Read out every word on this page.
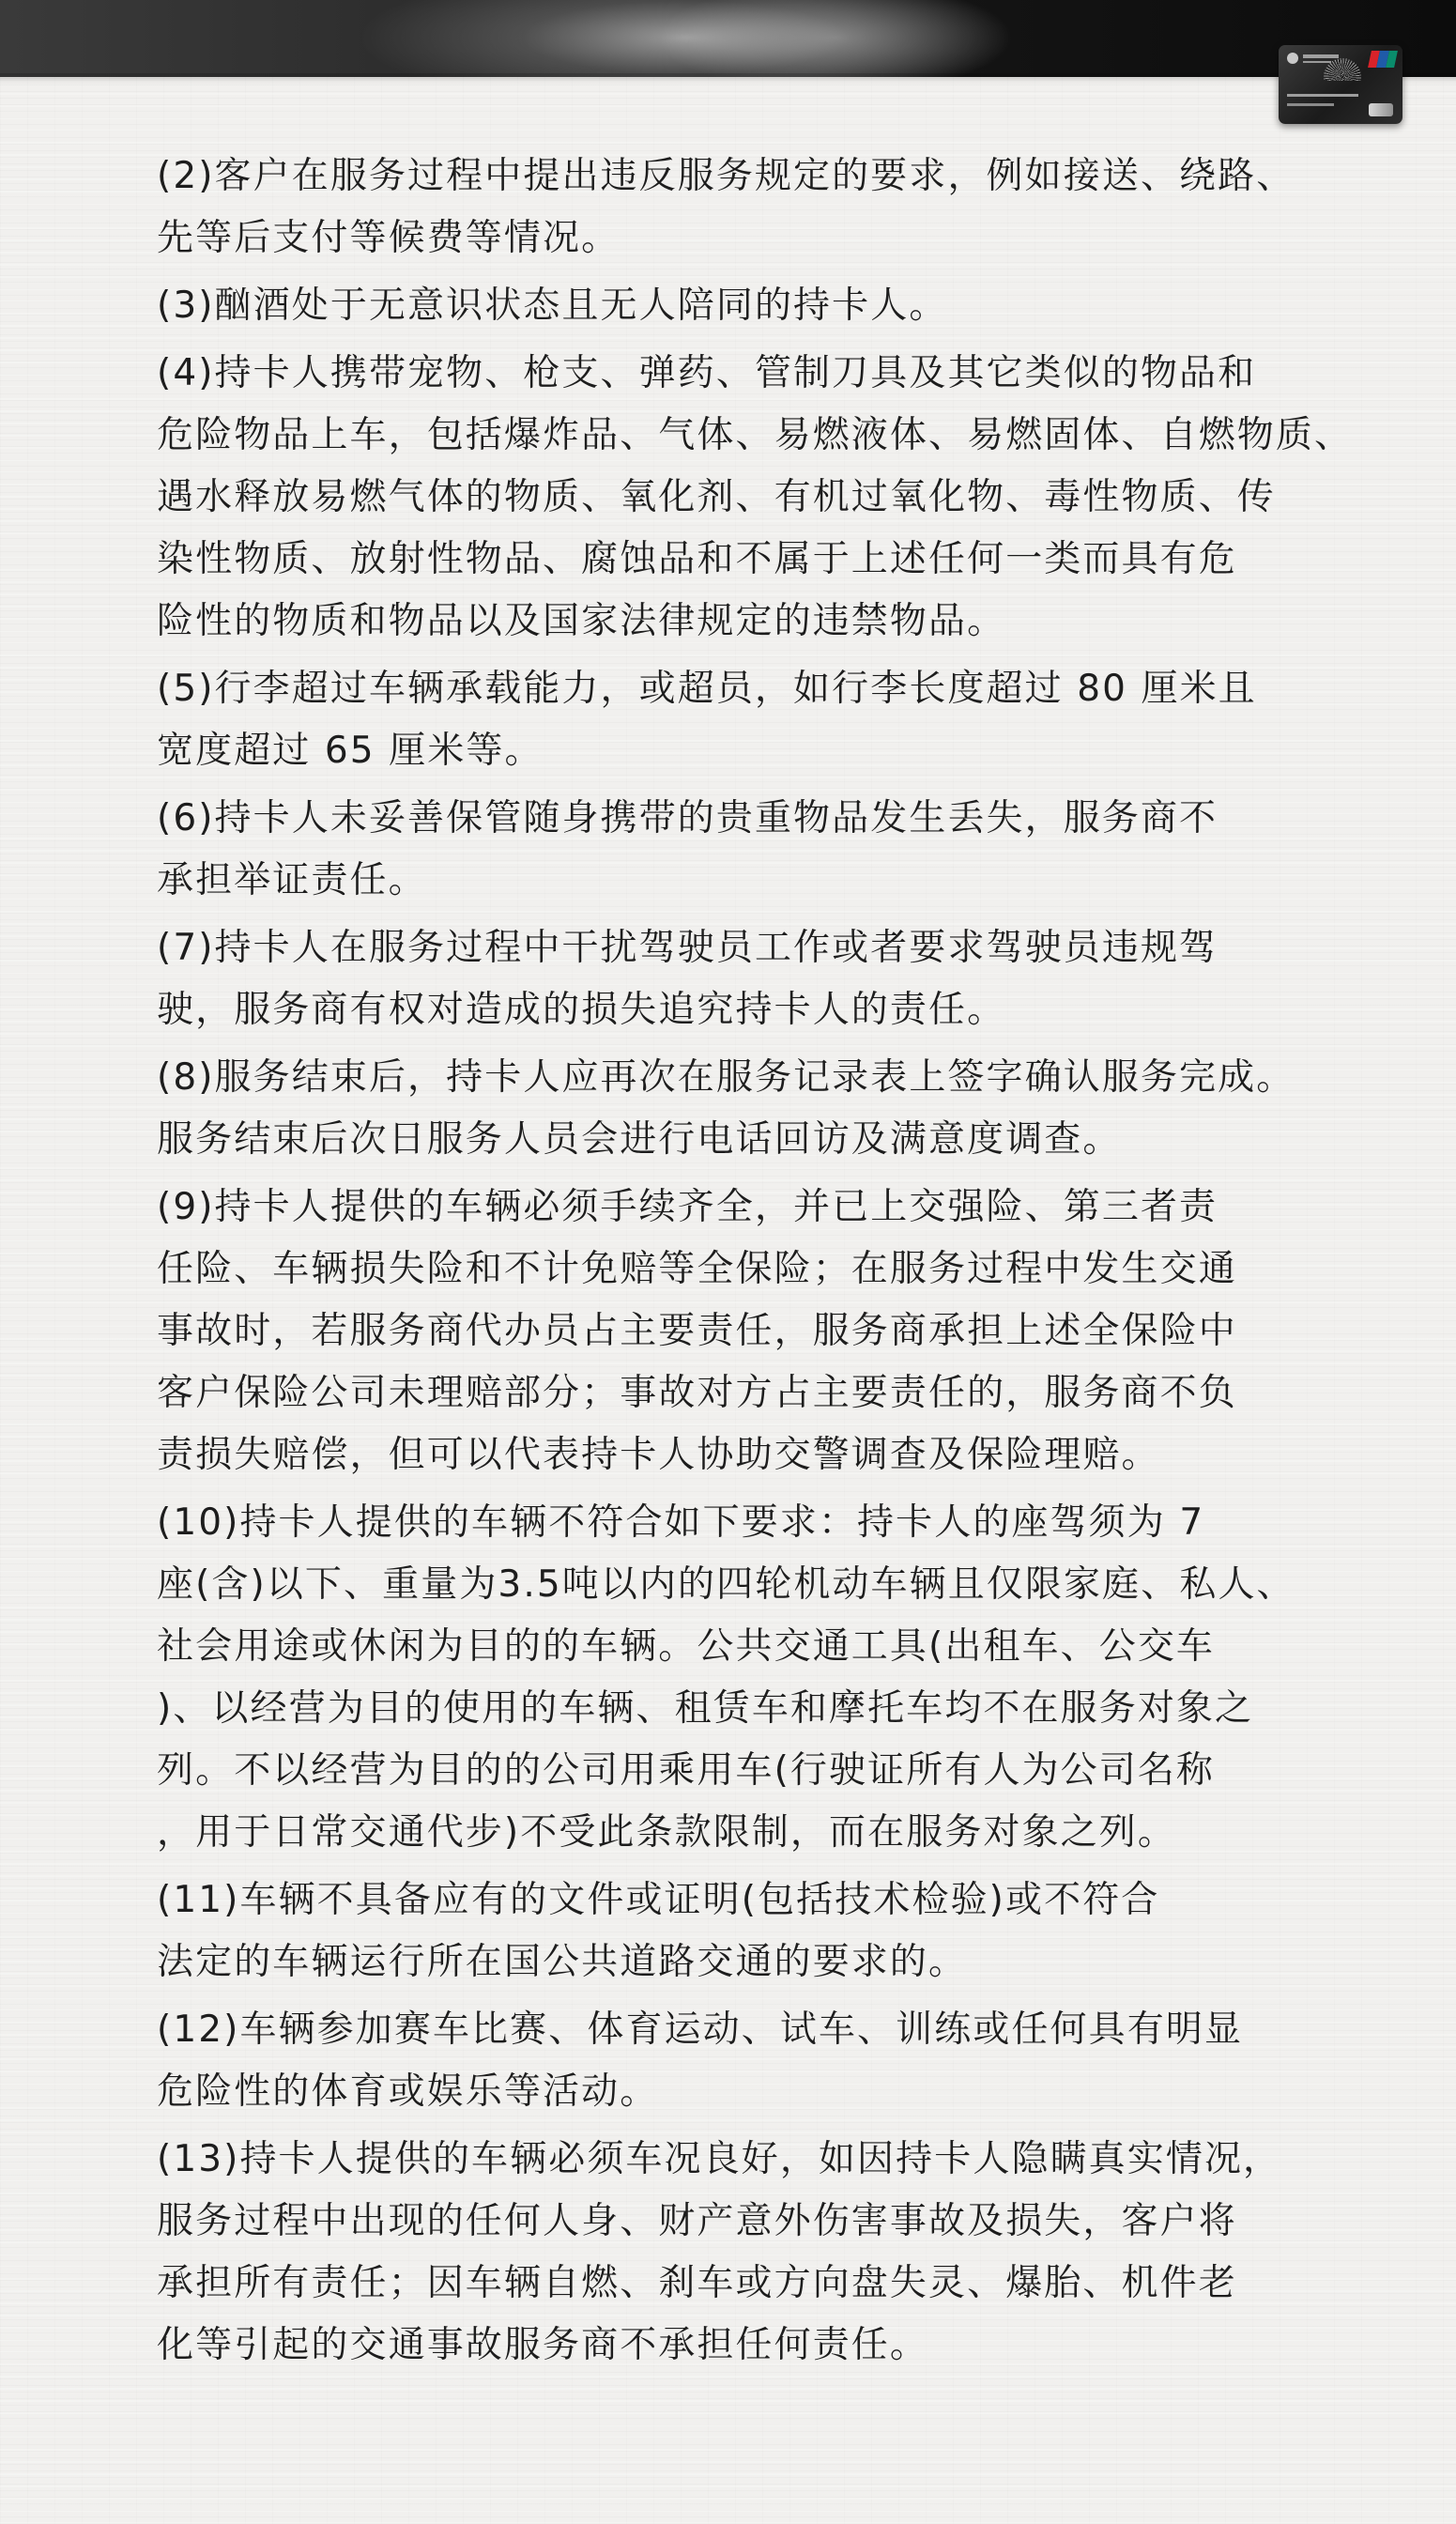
(2)客户在服务过程中提出违反服务规定的要求，例如接送、绕路、
先等后支付等候费等情况。
(3)酗酒处于无意识状态且无人陪同的持卡人。
(4)持卡人携带宠物、枪支、弹药、管制刀具及其它类似的物品和
危险物品上车，包括爆炸品、气体、易燃液体、易燃固体、自燃物质、
遇水释放易燃气体的物质、氧化剂、有机过氧化物、毒性物质、传
染性物质、放射性物品、腐蚀品和不属于上述任何一类而具有危
险性的物质和物品以及国家法律规定的违禁物品。
(5)行李超过车辆承载能力，或超员，如行李长度超过 80 厘米且
宽度超过 65 厘米等。
(6)持卡人未妥善保管随身携带的贵重物品发生丢失，服务商不
承担举证责任。
(7)持卡人在服务过程中干扰驾驶员工作或者要求驾驶员违规驾
驶，服务商有权对造成的损失追究持卡人的责任。
(8)服务结束后，持卡人应再次在服务记录表上签字确认服务完成。
服务结束后次日服务人员会进行电话回访及满意度调查。
(9)持卡人提供的车辆必须手续齐全，并已上交强险、第三者责
任险、车辆损失险和不计免赔等全保险；在服务过程中发生交通
事故时，若服务商代办员占主要责任，服务商承担上述全保险中
客户保险公司未理赔部分；事故对方占主要责任的，服务商不负
责损失赔偿，但可以代表持卡人协助交警调查及保险理赔。
(10)持卡人提供的车辆不符合如下要求：持卡人的座驾须为 7
座(含)以下、重量为3.5吨以内的四轮机动车辆且仅限家庭、私人、
社会用途或休闲为目的的车辆。公共交通工具(出租车、公交车
)、以经营为目的使用的车辆、租赁车和摩托车均不在服务对象之
列。不以经营为目的的公司用乘用车(行驶证所有人为公司名称
，用于日常交通代步)不受此条款限制，而在服务对象之列。
(11)车辆不具备应有的文件或证明(包括技术检验)或不符合
法定的车辆运行所在国公共道路交通的要求的。
(12)车辆参加赛车比赛、体育运动、试车、训练或任何具有明显
危险性的体育或娱乐等活动。
(13)持卡人提供的车辆必须车况良好，如因持卡人隐瞒真实情况，
服务过程中出现的任何人身、财产意外伤害事故及损失，客户将
承担所有责任；因车辆自燃、刹车或方向盘失灵、爆胎、机件老
化等引起的交通事故服务商不承担任何责任。
